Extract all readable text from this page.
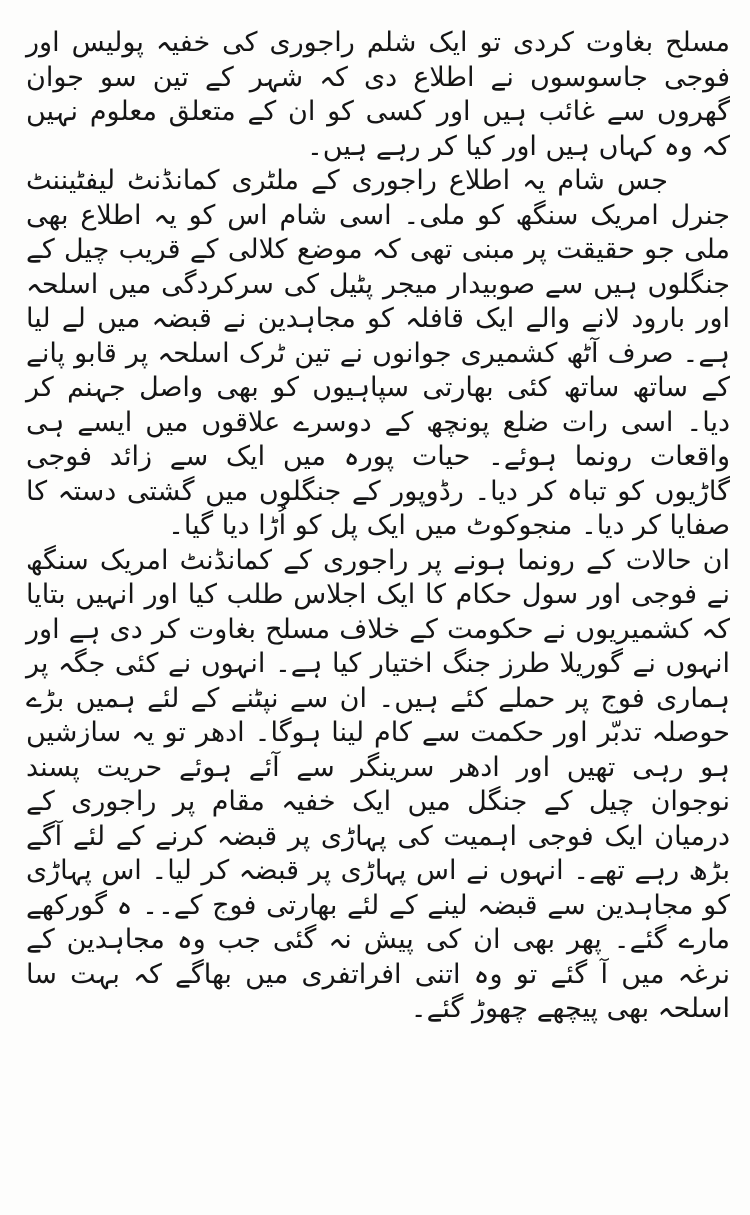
مسلح بغاوت کردی تو ایک شلم راجوری کی خفیہ پولیس اور فوجی جاسوسوں نے اطلاع دی کہ شہر کے تین سو جوان گھروں سے غائب ہیں اور کسی کو ان کے متعلق معلوم نہیں کہ وہ کہاں ہیں اور کیا کر رہے ہیں۔

جس شام یہ اطلاع راجوری کے ملٹری کمانڈنٹ لیفٹیننٹ جنرل امریک سنگھ کو ملی۔ اسی شام اس کو یہ اطلاع بھی ملی جو حقیقت پر مبنی تھی کہ موضع کلالی کے قریب چیل کے جنگلوں ہیں سے صوبیدار میجر پٹیل کی سرکردگی میں اسلحہ اور بارود لانے والے ایک قافلہ کو مجاہدین نے قبضہ میں لے لیا ہے۔ صرف آٹھ کشمیری جوانوں نے تین ٹرک اسلحہ پر قابو پانے کے ساتھ ساتھ کئی بھارتی سپاہیوں کو بھی واصل جہنم کر دیا۔ اسی رات ضلع پونچھ کے دوسرے علاقوں میں ایسے ہی واقعات رونما ہوئے۔ حیات پورہ میں ایک سے زائد فوجی گاڑیوں کو تباہ کر دیا۔ رڈوپور کے جنگلوں میں گشتی دستہ کا صفایا کر دیا۔ منجوکوٹ میں ایک پل کو اُڑا دیا گیا۔

ان حالات کے رونما ہونے پر راجوری کے کمانڈنٹ امریک سنگھ نے فوجی اور سول حکام کا ایک اجلاس طلب کیا اور انہیں بتایا کہ کشمیریوں نے حکومت کے خلاف مسلح بغاوت کر دی ہے اور انہوں نے گوریلا طرز جنگ اختیار کیا ہے۔ انہوں نے کئی جگہ پر ہماری فوج پر حملے کئے ہیں۔ ان سے نپٹنے کے لئے ہمیں بڑے حوصلہ تدبّر اور حکمت سے کام لینا ہوگا۔ ادھر تو یہ سازشیں ہو رہی تھیں اور ادھر سرینگر سے آئے ہوئے حریت پسند نوجوان چیل کے جنگل میں ایک خفیہ مقام پر راجوری کے درمیان ایک فوجی اہمیت کی پہاڑی پر قبضہ کرنے کے لئے آگے بڑھ رہے تھے۔ انہوں نے اس پہاڑی پر قبضہ کر لیا۔ اس پہاڑی کو مجاہدین سے قبضہ لینے کے لئے بھارتی فوج کے۔۔ ہ گورکھے مارے گئے۔ پھر بھی ان کی پیش نہ گئی جب وہ مجاہدین کے نرغہ میں آ گئے تو وہ اتنی افراتفری میں بھاگے کہ بہت سا اسلحہ بھی پیچھے چھوڑ گئے۔
